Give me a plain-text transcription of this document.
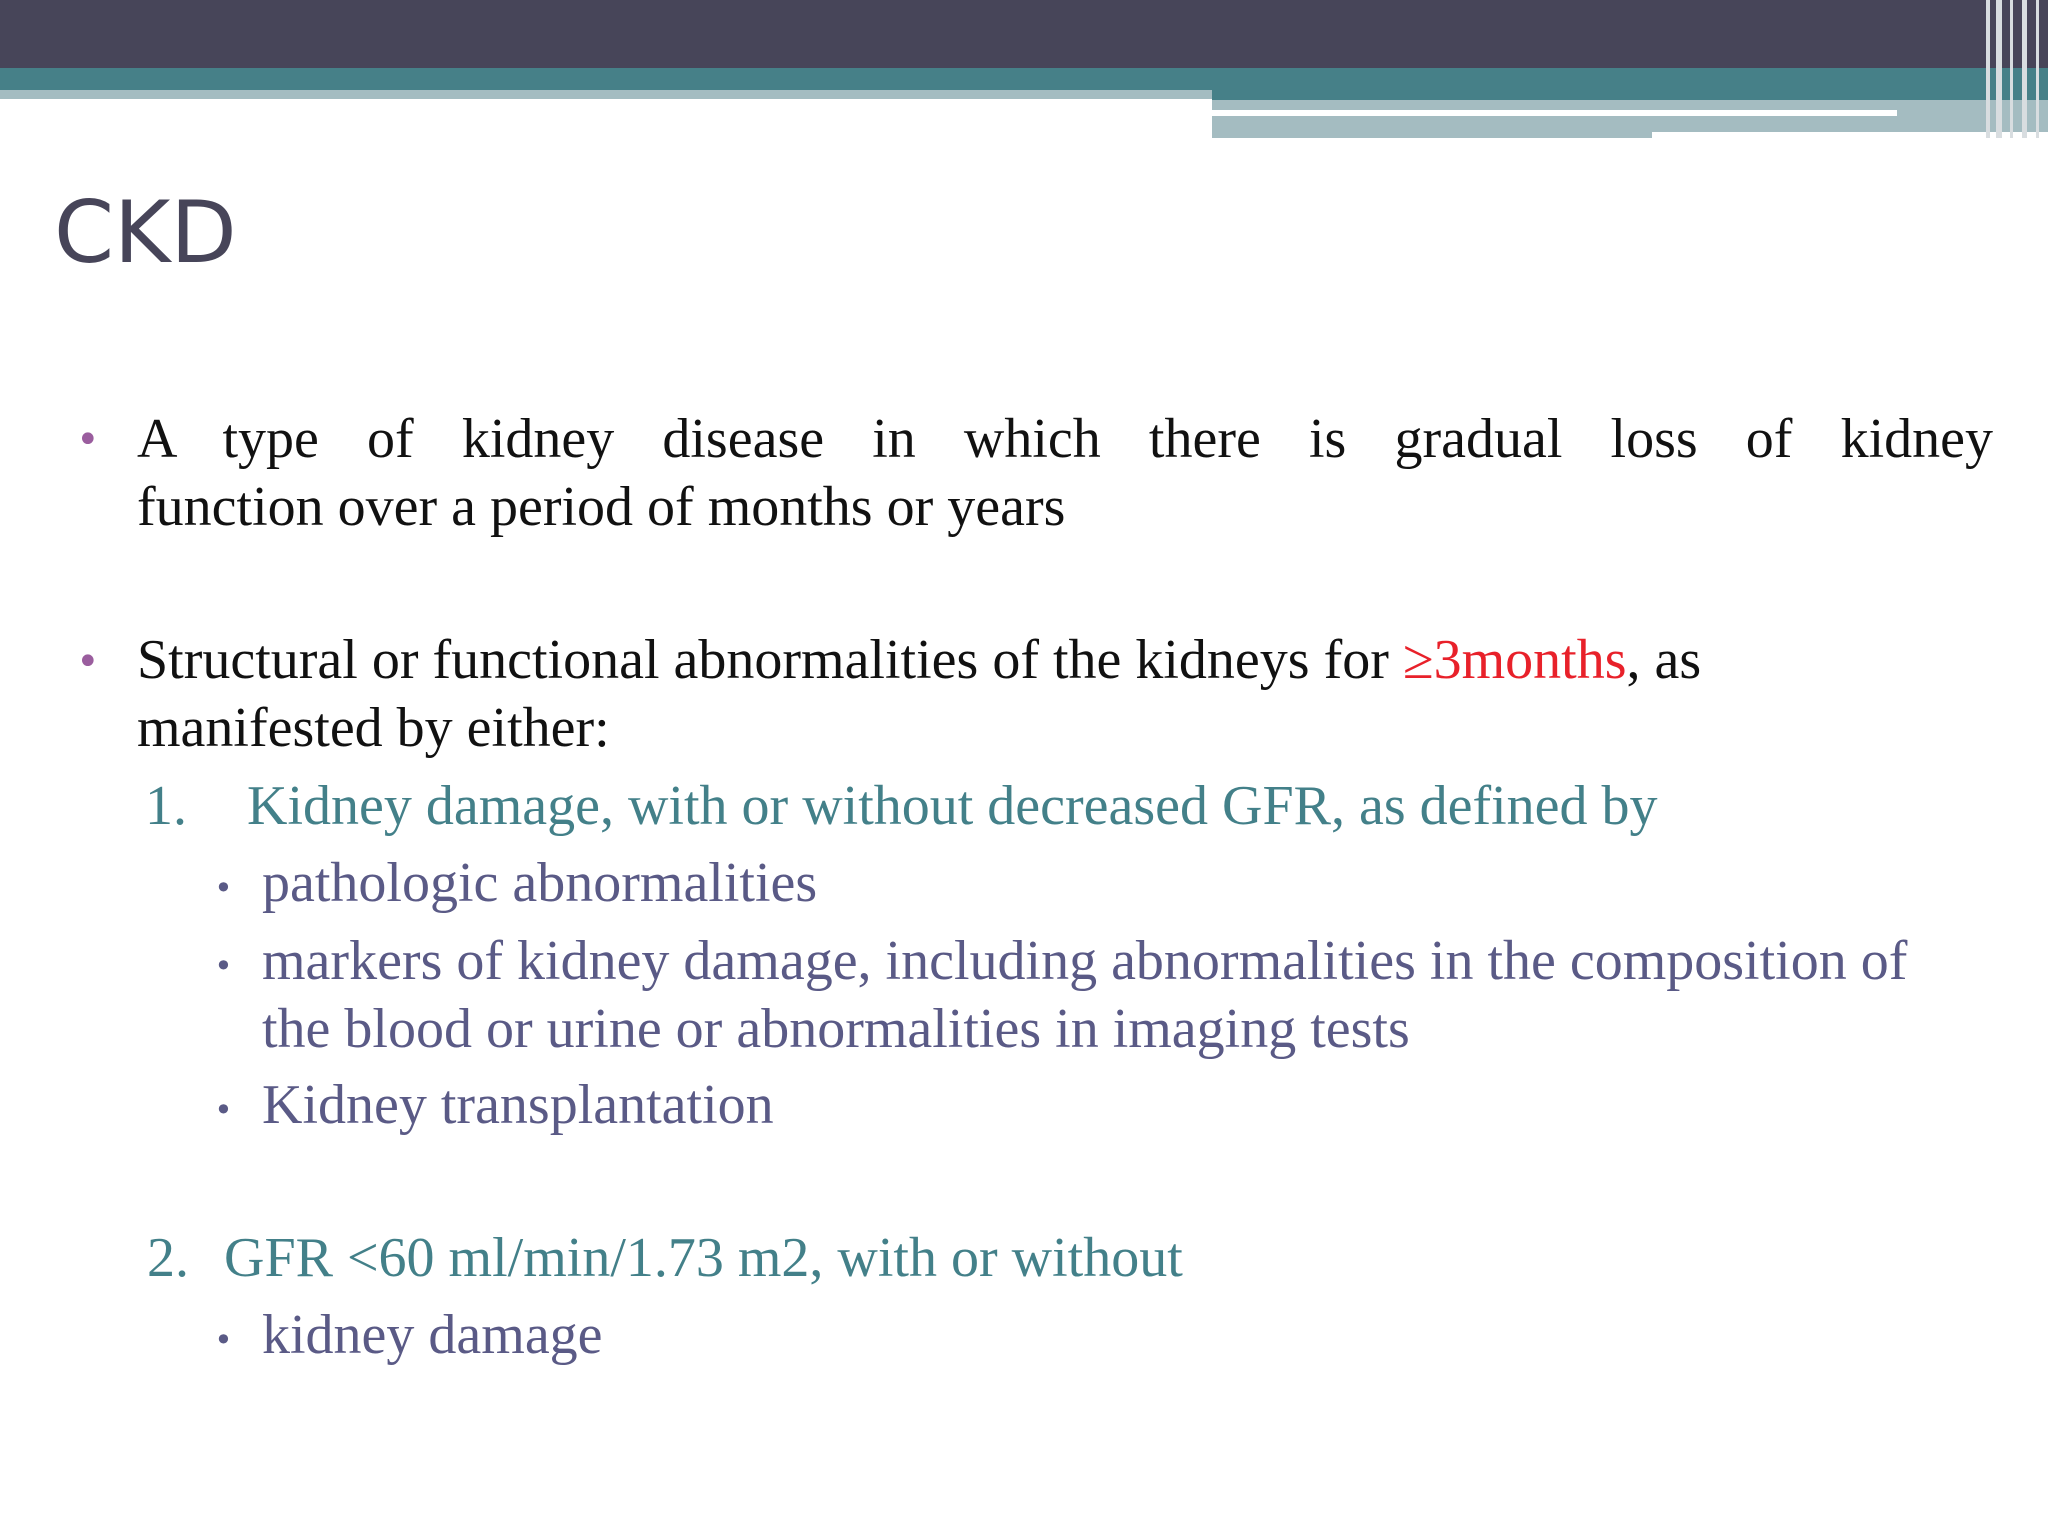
CKD
• A type of kidney disease in which there is gradual loss of kidney
function over a period of months or years
• Structural or functional abnormalities of the kidneys for ≥3months, as manifested by either:
1. Kidney damage, with or without decreased GFR, as defined by
• pathologic abnormalities
• markers of kidney damage, including abnormalities in the composition of the blood or urine or abnormalities in imaging tests
• Kidney transplantation
2. GFR <60 ml/min/1.73 m2, with or without
• kidney damage
